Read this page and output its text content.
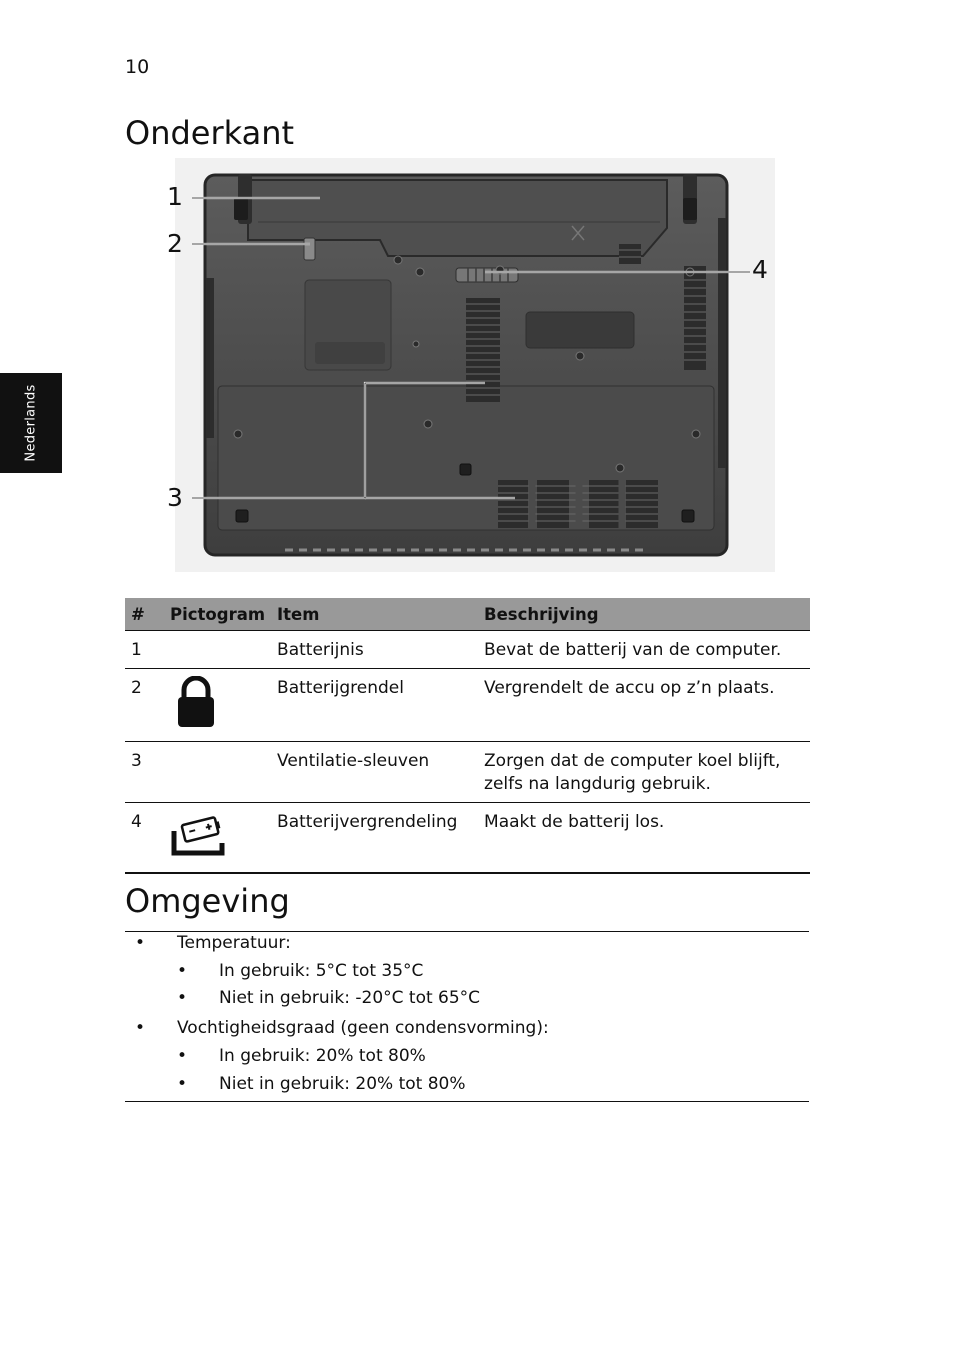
10
Nederlands
Onderkant
1
2
3
4
#	Pictogram	Item	Beschrijving
1		Batterijnis	Bevat de batterij van de computer.
2		Batterijgrendel	Vergrendelt de accu op z’n plaats.
3		Ventilatie-sleuven	Zorgen dat de computer koel blijft, zelfs na langdurig gebruik.
4		Batterijvergrendeling	Maakt de batterij los.
Omgeving
• Temperatuur:
• In gebruik: 5°C tot 35°C
• Niet in gebruik: -20°C tot 65°C
• Vochtigheidsgraad (geen condensvorming):
• In gebruik: 20% tot 80%
• Niet in gebruik: 20% tot 80%
